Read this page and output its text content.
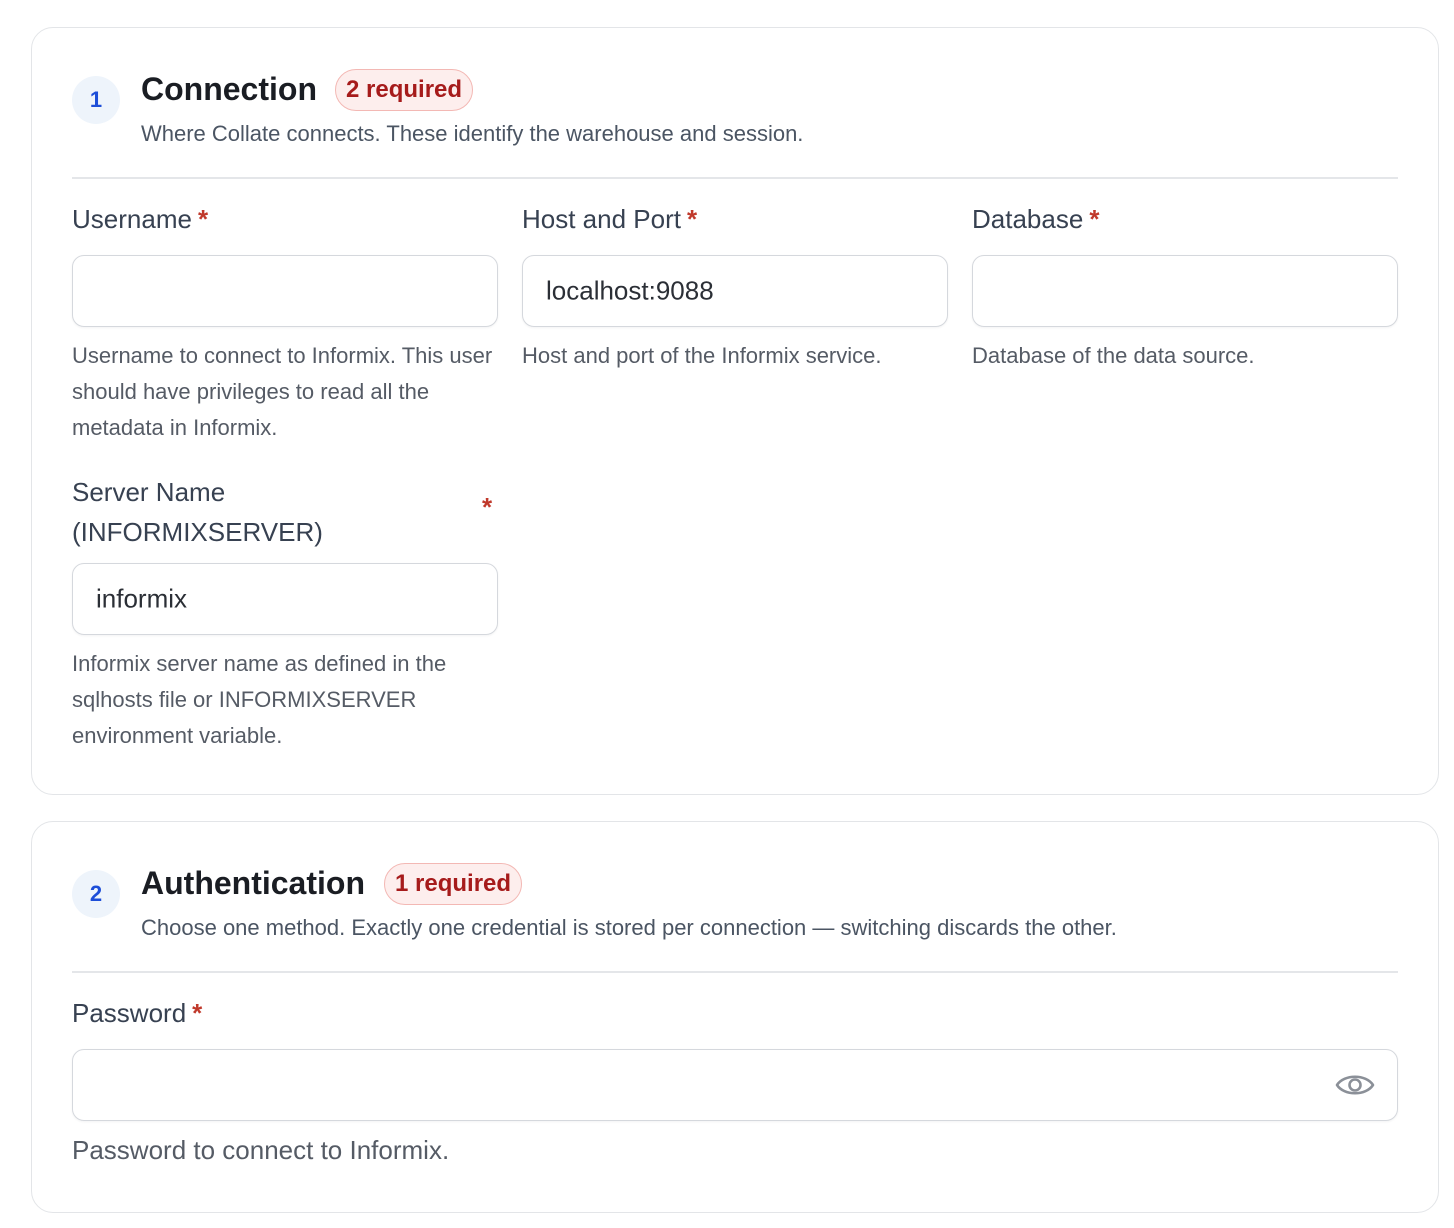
1	Connection	2 required
Where Collate connects. These identify the warehouse and session.
Username *
Username to connect to Informix. This user should have privileges to read all the metadata in Informix.
Host and Port *
localhost:9088
Host and port of the Informix service.
Database *
Database of the data source.
Server Name
(INFORMIXSERVER)
*
informix
Informix server name as defined in the sqlhosts file or INFORMIXSERVER environment variable.
2	Authentication	1 required
Choose one method. Exactly one credential is stored per connection — switching discards the other.
Password *
Password to connect to Informix.
